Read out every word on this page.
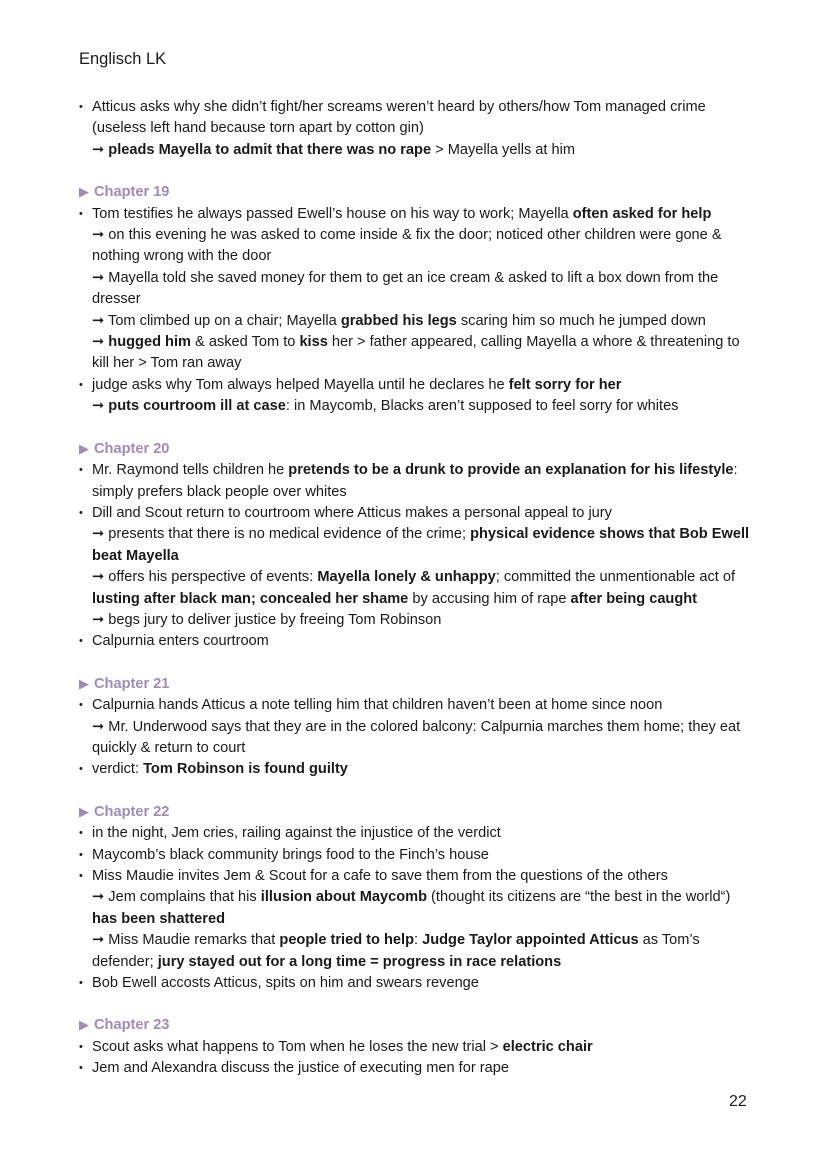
Englisch LK
• Atticus asks why she didn’t fight/her screams weren’t heard by others/how Tom managed crime (useless left hand because torn apart by cotton gin)
➞ pleads Mayella to admit that there was no rape > Mayella yells at him
▶ Chapter 19
• Tom testifies he always passed Ewell’s house on his way to work; Mayella often asked for help
➞ on this evening he was asked to come inside & fix the door; noticed other children were gone & nothing wrong with the door
➞ Mayella told she saved money for them to get an ice cream & asked to lift a box down from the dresser
➞ Tom climbed up on a chair; Mayella grabbed his legs scaring him so much he jumped down
➞ hugged him & asked Tom to kiss her > father appeared, calling Mayella a whore & threatening to kill her > Tom ran away
• judge asks why Tom always helped Mayella until he declares he felt sorry for her
➞ puts courtroom ill at case: in Maycomb, Blacks aren’t supposed to feel sorry for whites
▶ Chapter 20
• Mr. Raymond tells children he pretends to be a drunk to provide an explanation for his lifestyle: simply prefers black people over whites
• Dill and Scout return to courtroom where Atticus makes a personal appeal to jury
➞ presents that there is no medical evidence of the crime; physical evidence shows that Bob Ewell beat Mayella
➞ offers his perspective of events: Mayella lonely & unhappy; committed the unmentionable act of lusting after black man; concealed her shame by accusing him of rape after being caught
➞ begs jury to deliver justice by freeing Tom Robinson
• Calpurnia enters courtroom
▶ Chapter 21
• Calpurnia hands Atticus a note telling him that children haven’t been at home since noon
➞ Mr. Underwood says that they are in the colored balcony: Calpurnia marches them home; they eat quickly & return to court
• verdict: Tom Robinson is found guilty
▶ Chapter 22
• in the night, Jem cries, railing against the injustice of the verdict
• Maycomb’s black community brings food to the Finch’s house
• Miss Maudie invites Jem & Scout for a cafe to save them from the questions of the others
➞ Jem complains that his illusion about Maycomb (thought its citizens are “the best in the world“) has been shattered
➞ Miss Maudie remarks that people tried to help: Judge Taylor appointed Atticus as Tom’s defender; jury stayed out for a long time = progress in race relations
• Bob Ewell accosts Atticus, spits on him and swears revenge
▶ Chapter 23
• Scout asks what happens to Tom when he loses the new trial > electric chair
• Jem and Alexandra discuss the justice of executing men for rape
22
